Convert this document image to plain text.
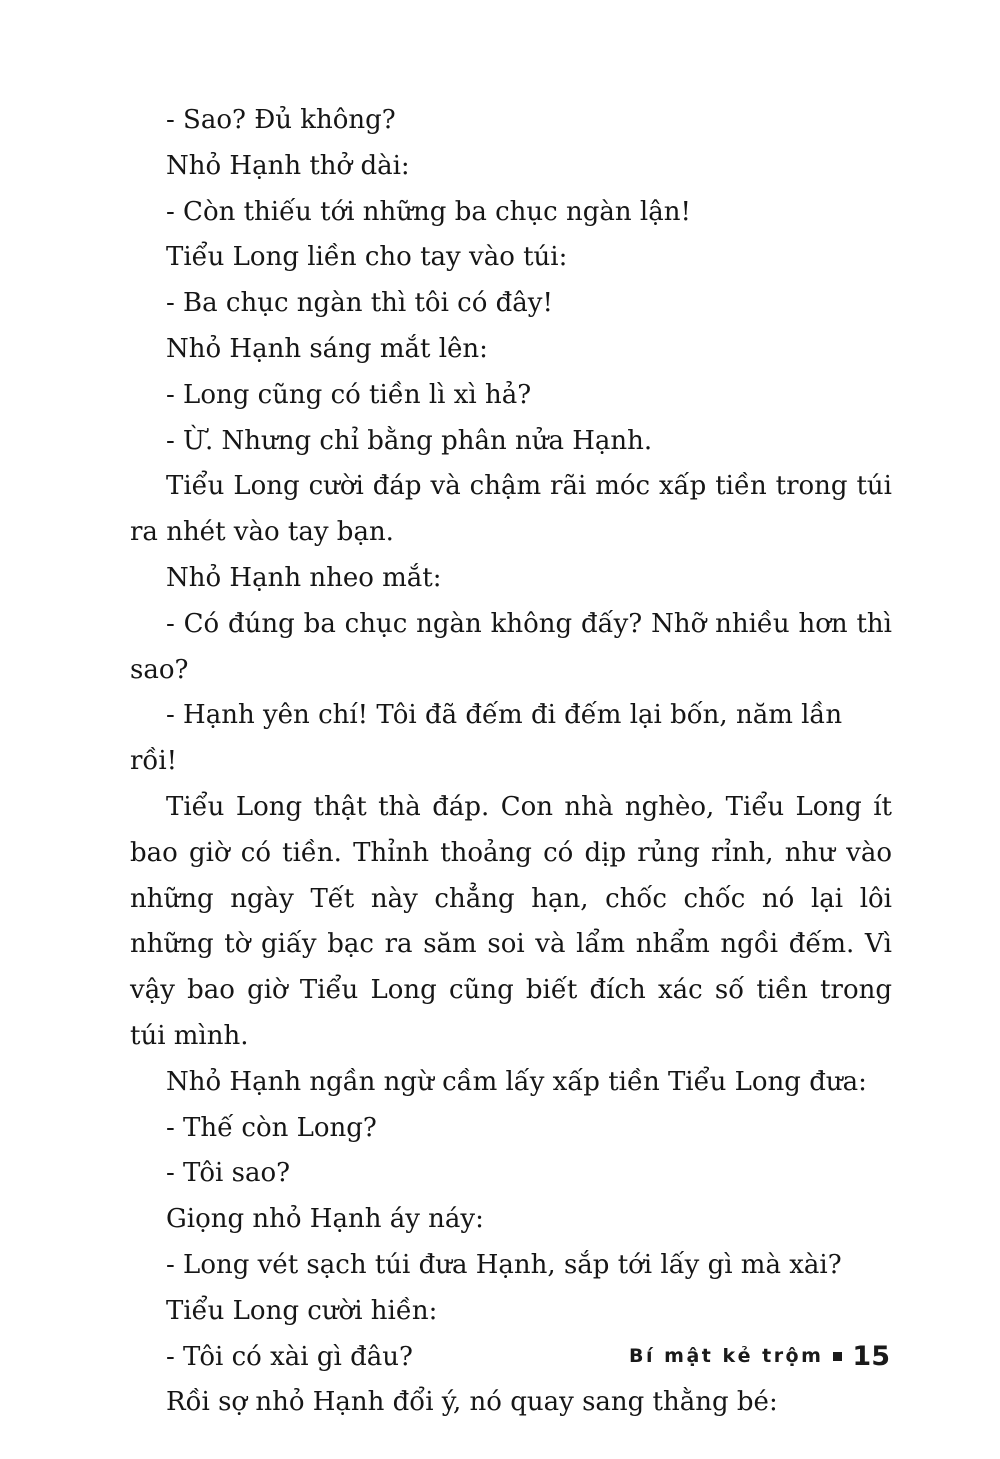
- Sao? Đủ không?

Nhỏ Hạnh thở dài:

- Còn thiếu tới những ba chục ngàn lận!

Tiểu Long liền cho tay vào túi:

- Ba chục ngàn thì tôi có đây!

Nhỏ Hạnh sáng mắt lên:

- Long cũng có tiền lì xì hả?

- Ừ. Nhưng chỉ bằng phân nửa Hạnh.

Tiểu Long cười đáp và chậm rãi móc xấp tiền trong túi ra nhét vào tay bạn.

Nhỏ Hạnh nheo mắt:

- Có đúng ba chục ngàn không đấy? Nhỡ nhiều hơn thì sao?

- Hạnh yên chí! Tôi đã đếm đi đếm lại bốn, năm lần rồi!

Tiểu Long thật thà đáp. Con nhà nghèo, Tiểu Long ít bao giờ có tiền. Thỉnh thoảng có dịp rủng rỉnh, như vào những ngày Tết này chẳng hạn, chốc chốc nó lại lôi những tờ giấy bạc ra săm soi và lẩm nhẩm ngồi đếm. Vì vậy bao giờ Tiểu Long cũng biết đích xác số tiền trong túi mình.

Nhỏ Hạnh ngần ngừ cầm lấy xấp tiền Tiểu Long đưa:

- Thế còn Long?

- Tôi sao?

Giọng nhỏ Hạnh áy náy:

- Long vét sạch túi đưa Hạnh, sắp tới lấy gì mà xài?

Tiểu Long cười hiền:

- Tôi có xài gì đâu?

Rồi sợ nhỏ Hạnh đổi ý, nó quay sang thằng bé:

Bí mật kẻ trộm 15
